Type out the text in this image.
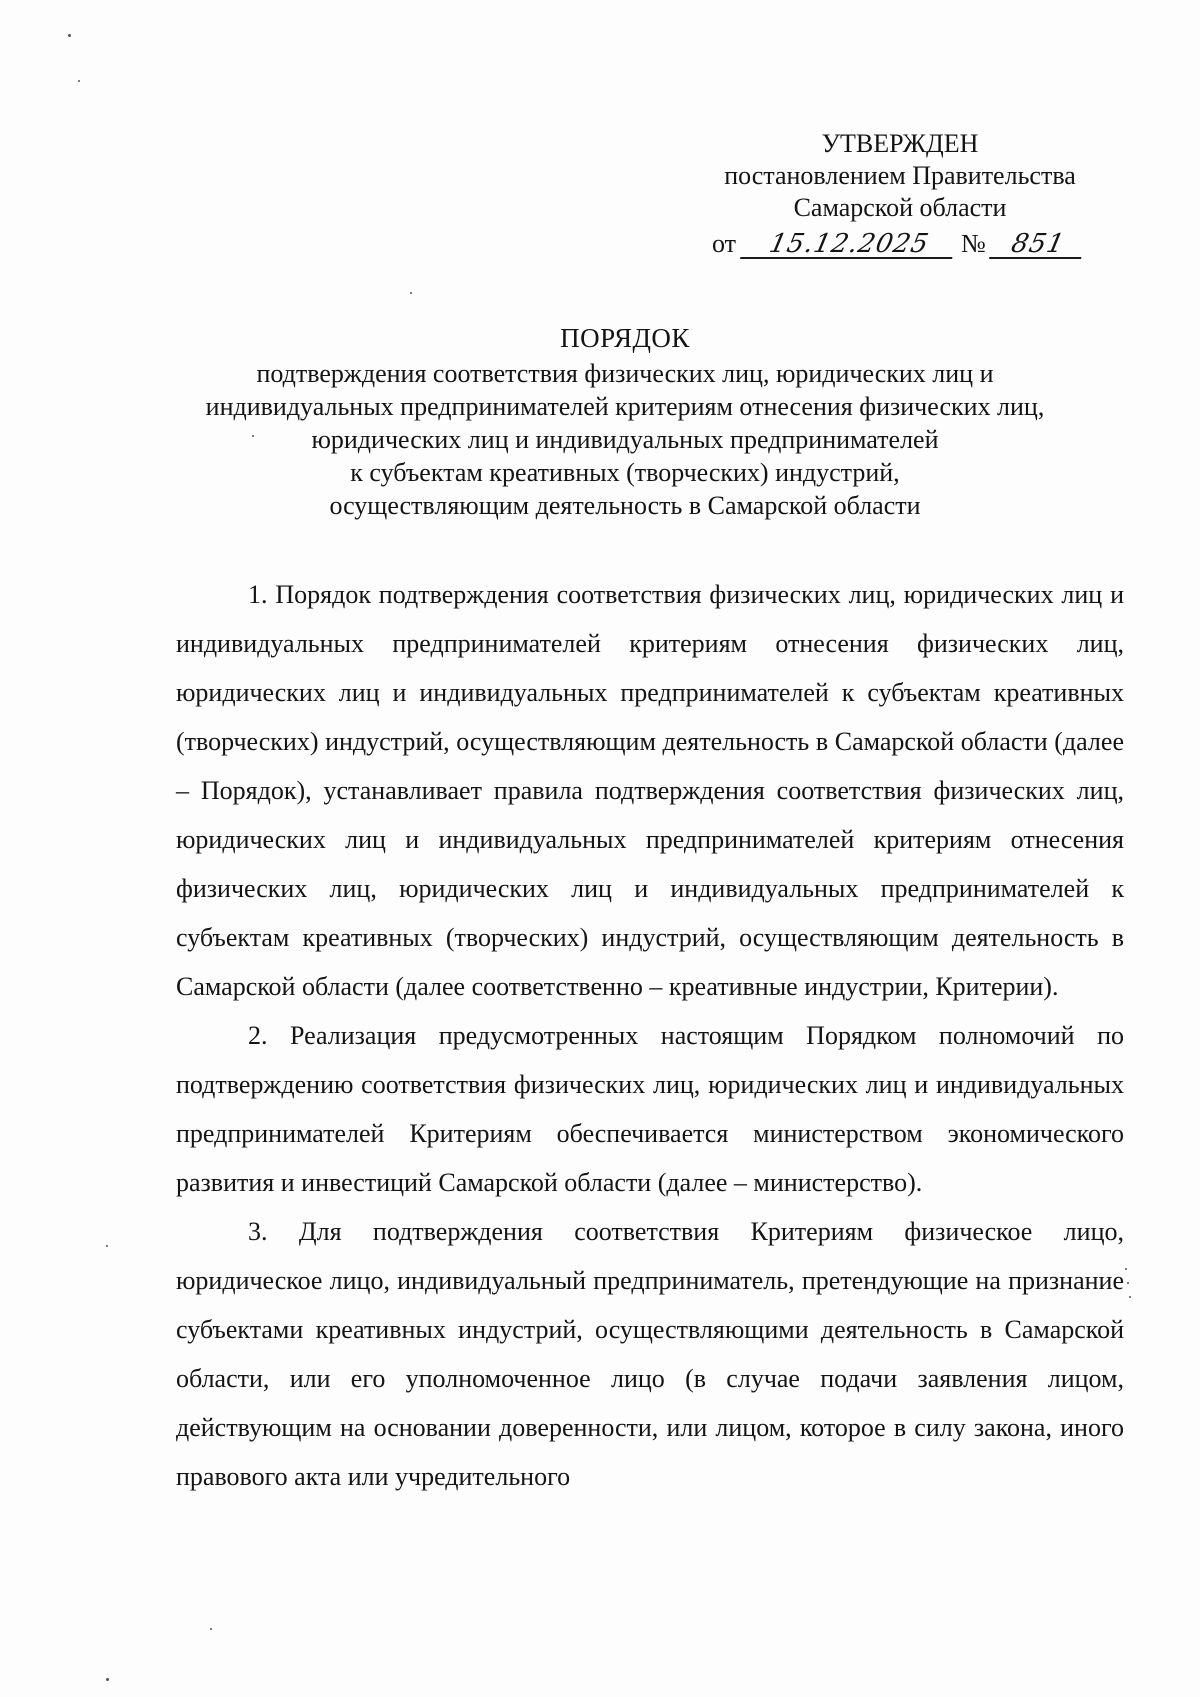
УТВЕРЖДЕН
постановлением Правительства
Самарской области
от 15.12.2025 № 851
ПОРЯДОК
подтверждения соответствия физических лиц, юридических лиц и
индивидуальных предпринимателей критериям отнесения физических лиц,
юридических лиц и индивидуальных предпринимателей
к субъектам креативных (творческих) индустрий,
осуществляющим деятельность в Самарской области

1. Порядок подтверждения соответствия физических лиц, юридических лиц и индивидуальных предпринимателей критериям отнесения физических лиц, юридических лиц и индивидуальных предпринимателей к субъектам креативных (творческих) индустрий, осуществляющим деятельность в Самарской области (далее – Порядок), устанавливает правила подтверждения соответствия физических лиц, юридических лиц и индивидуальных предпринимателей критериям отнесения физических лиц, юридических лиц и индивидуальных предпринимателей к субъектам креативных (творческих) индустрий, осуществляющим деятельность в Самарской области (далее соответственно – креативные индустрии, Критерии).

2. Реализация предусмотренных настоящим Порядком полномочий по подтверждению соответствия физических лиц, юридических лиц и индивидуальных предпринимателей Критериям обеспечивается министерством экономического развития и инвестиций Самарской области (далее – министерство).

3. Для подтверждения соответствия Критериям физическое лицо, юридическое лицо, индивидуальный предприниматель, претендующие на признание субъектами креативных индустрий, осуществляющими деятельность в Самарской области, или его уполномоченное лицо (в случае подачи заявления лицом, действующим на основании доверенности, или лицом, которое в силу закона, иного правового акта или учредительного
